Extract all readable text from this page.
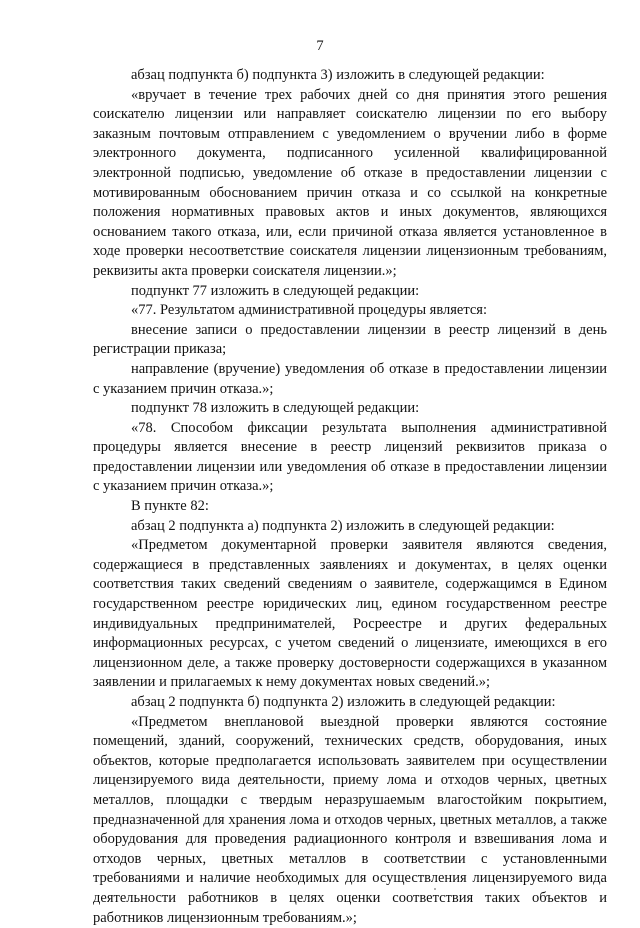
7

абзац подпункта б) подпункта 3) изложить в следующей редакции:

«вручает в течение трех рабочих дней со дня принятия этого решения соискателю лицензии или направляет соискателю лицензии по его выбору заказным почтовым отправлением с уведомлением о вручении либо в форме электронного документа, подписанного усиленной квалифицированной электронной подписью, уведомление об отказе в предоставлении лицензии с мотивированным обоснованием причин отказа и со ссылкой на конкретные положения нормативных правовых актов и иных документов, являющихся основанием такого отказа, или, если причиной отказа является установленное в ходе проверки несоответствие соискателя лицензии лицензионным требованиям, реквизиты акта проверки соискателя лицензии.»;

подпункт 77 изложить в следующей редакции:

«77. Результатом административной процедуры является:

внесение записи о предоставлении лицензии в реестр лицензий в день регистрации приказа;

направление (вручение) уведомления об отказе в предоставлении лицензии с указанием причин отказа.»;

подпункт 78 изложить в следующей редакции:

«78. Способом фиксации результата выполнения административной процедуры является внесение в реестр лицензий реквизитов приказа о предоставлении лицензии или уведомления об отказе в предоставлении лицензии с указанием причин отказа.»;

В пункте 82:

абзац 2 подпункта а) подпункта 2) изложить в следующей редакции:

«Предметом документарной проверки заявителя являются сведения, содержащиеся в представленных заявлениях и документах, в целях оценки соответствия таких сведений сведениям о заявителе, содержащимся в Едином государственном реестре юридических лиц, едином государственном реестре индивидуальных предпринимателей, Росреестре и других федеральных информационных ресурсах, с учетом сведений о лицензиате, имеющихся в его лицензионном деле, а также проверку достоверности содержащихся в указанном заявлении и прилагаемых к нему документах новых сведений.»;

абзац 2 подпункта б) подпункта 2) изложить в следующей редакции:

«Предметом внеплановой выездной проверки являются состояние помещений, зданий, сооружений, технических средств, оборудования, иных объектов, которые предполагается использовать заявителем при осуществлении лицензируемого вида деятельности, приему лома и отходов черных, цветных металлов, площадки с твердым неразрушаемым влагостойким покрытием, предназначенной для хранения лома и отходов черных, цветных металлов, а также оборудования для проведения радиационного контроля и взвешивания лома и отходов черных, цветных металлов в соответствии с установленными требованиями и наличие необходимых для осуществления лицензируемого вида деятельности работников в целях оценки соответствия таких объектов и работников лицензионным требованиям.»;
